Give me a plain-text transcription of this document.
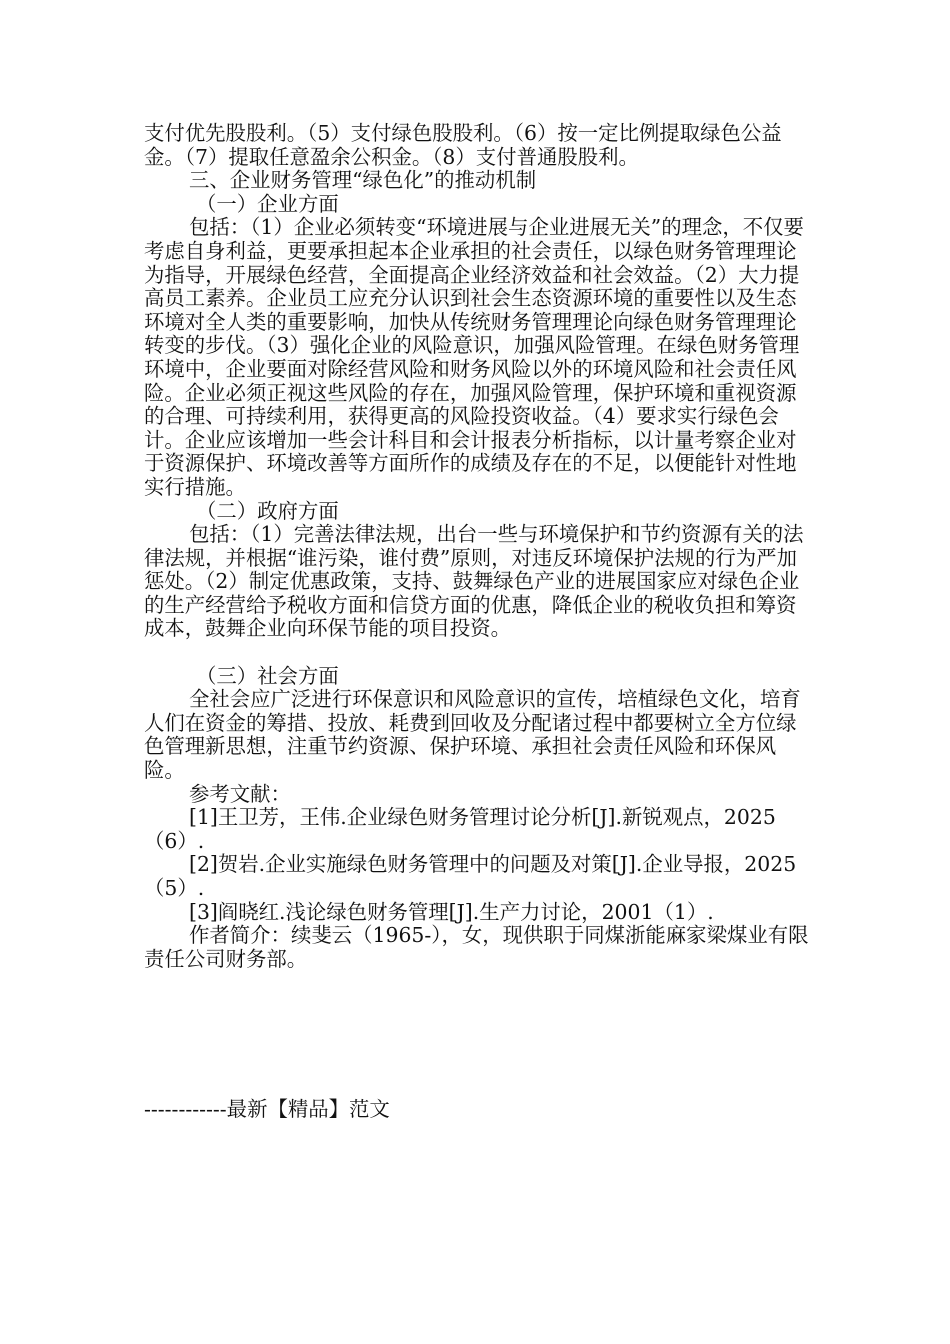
支付优先股股利。（5）支付绿色股股利。（6）按一定比例提取绿色公益金。（7）提取任意盈余公积金。（8）支付普通股股利。

三、企业财务管理“绿色化”的推动机制

（一）企业方面

包括：（1）企业必须转变“环境进展与企业进展无关”的理念，不仅要考虑自身利益，更要承担起本企业承担的社会责任，以绿色财务管理理论为指导，开展绿色经营，全面提高企业经济效益和社会效益。（2）大力提高员工素养。企业员工应充分认识到社会生态资源环境的重要性以及生态环境对全人类的重要影响，加快从传统财务管理理论向绿色财务管理理论转变的步伐。（3）强化企业的风险意识，加强风险管理。在绿色财务管理环境中，企业要面对除经营风险和财务风险以外的环境风险和社会责任风险。企业必须正视这些风险的存在，加强风险管理，保护环境和重视资源的合理、可持续利用，获得更高的风险投资收益。（4）要求实行绿色会计。企业应该增加一些会计科目和会计报表分析指标，以计量考察企业对于资源保护、环境改善等方面所作的成绩及存在的不足，以便能针对性地实行措施。

（二）政府方面

包括：（1）完善法律法规，出台一些与环境保护和节约资源有关的法律法规，并根据“谁污染，谁付费”原则，对违反环境保护法规的行为严加惩处。（2）制定优惠政策，支持、鼓舞绿色产业的进展国家应对绿色企业的生产经营给予税收方面和信贷方面的优惠，降低企业的税收负担和筹资成本，鼓舞企业向环保节能的项目投资。

（三）社会方面

全社会应广泛进行环保意识和风险意识的宣传，培植绿色文化，培育人们在资金的筹措、投放、耗费到回收及分配诸过程中都要树立全方位绿色管理新思想，注重节约资源、保护环境、承担社会责任风险和环保风险。

参考文献：

[1]王卫芳，王伟.企业绿色财务管理讨论分析[J].新锐观点，2025（6）.

[2]贺岩.企业实施绿色财务管理中的问题及对策[J].企业导报，2025（5）.

[3]阎晓红.浅论绿色财务管理[J].生产力讨论，2001（1）.

作者简介：续斐云（1965-），女，现供职于同煤浙能麻家梁煤业有限责任公司财务部。

------------最新【精品】范文
